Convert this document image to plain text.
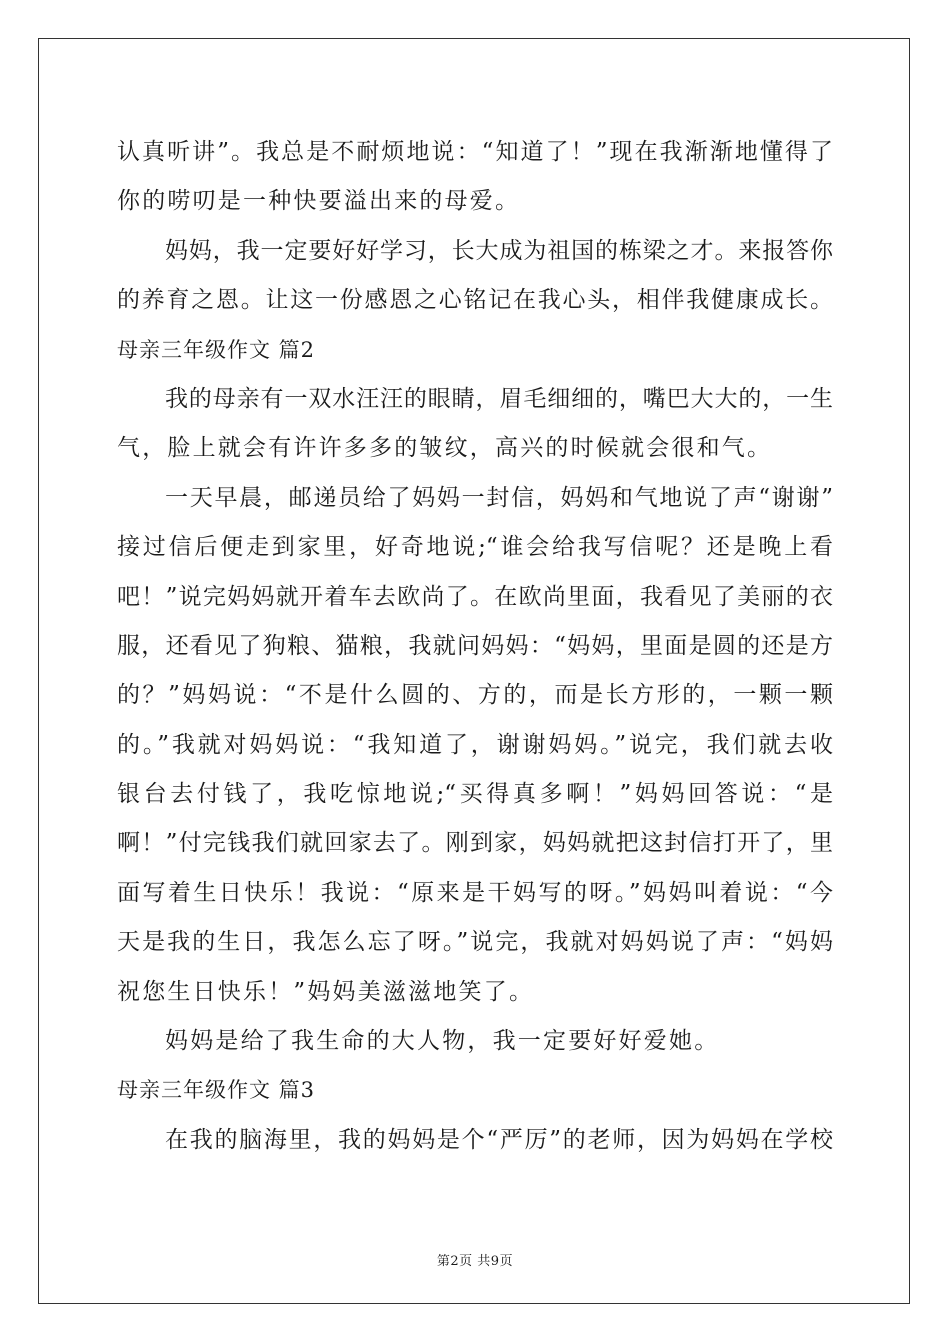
认真听讲”。我总是不耐烦地说：“知道了！”现在我渐渐地懂得了
你的唠叨是一种快要溢出来的母爱。
妈妈，我一定要好好学习，长大成为祖国的栋梁之才。来报答你
的养育之恩。让这一份感恩之心铭记在我心头，相伴我健康成长。
母亲三年级作文 篇2
我的母亲有一双水汪汪的眼睛，眉毛细细的，嘴巴大大的，一生
气，脸上就会有许许多多的皱纹，高兴的时候就会很和气。
一天早晨，邮递员给了妈妈一封信，妈妈和气地说了声“谢谢”
接过信后便走到家里，好奇地说;“谁会给我写信呢？还是晚上看
吧！”说完妈妈就开着车去欧尚了。在欧尚里面，我看见了美丽的衣
服，还看见了狗粮、猫粮，我就问妈妈：“妈妈，里面是圆的还是方
的？”妈妈说：“不是什么圆的、方的，而是长方形的，一颗一颗
的。”我就对妈妈说：“我知道了，谢谢妈妈。”说完，我们就去收
银台去付钱了，我吃惊地说;“买得真多啊！”妈妈回答说：“是
啊！”付完钱我们就回家去了。刚到家，妈妈就把这封信打开了，里
面写着生日快乐！我说：“原来是干妈写的呀。”妈妈叫着说：“今
天是我的生日，我怎么忘了呀。”说完，我就对妈妈说了声：“妈妈
祝您生日快乐！”妈妈美滋滋地笑了。
妈妈是给了我生命的大人物，我一定要好好爱她。
母亲三年级作文 篇3
在我的脑海里，我的妈妈是个“严厉”的老师，因为妈妈在学校
第2页 共9页
